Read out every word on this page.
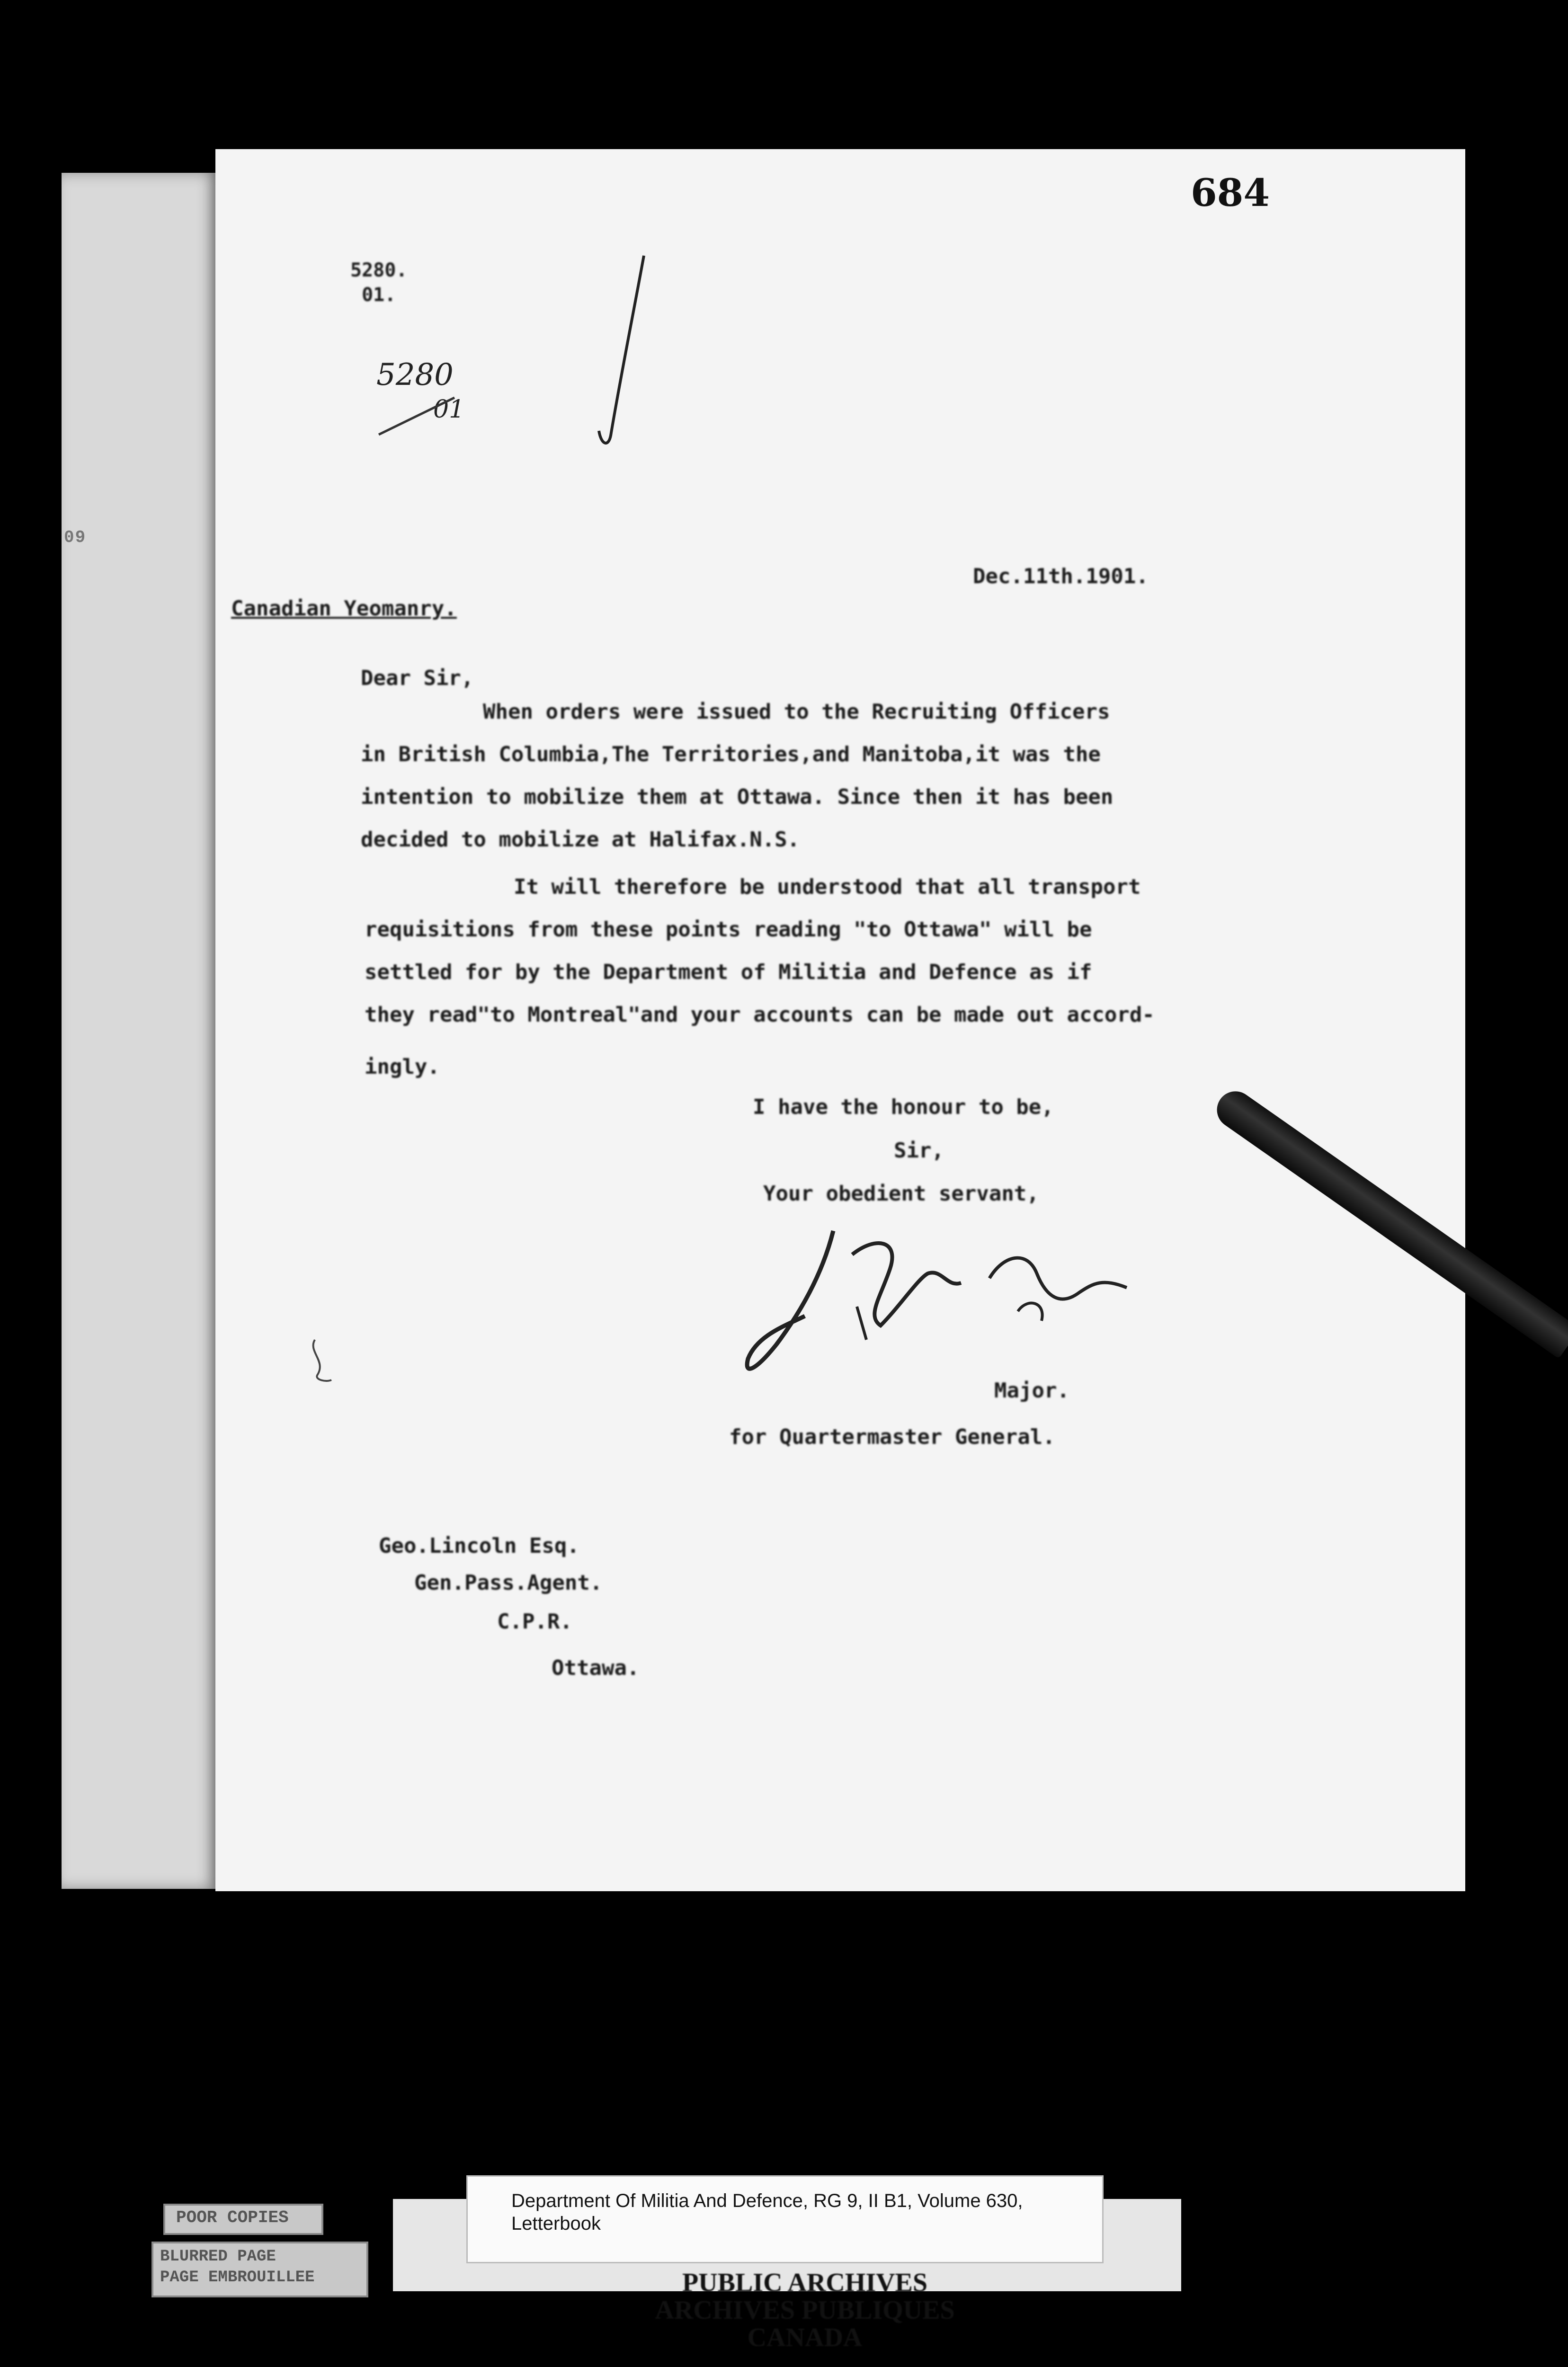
09
684
5280.
01.
5280
01
Dec.11th.1901.
Canadian Yeomanry.
Dear Sir,
When orders were issued to the Recruiting Officers
in British Columbia,The Territories,and Manitoba,it was the
intention to mobilize them at Ottawa. Since then it has been
decided to mobilize at Halifax.N.S.
It will therefore be understood that all transport
requisitions from these points reading "to Ottawa" will be
settled for by the Department of Militia and Defence as if
they read"to Montreal"and your accounts can be made out accord-
ingly.
I have the honour to be,
Sir,
Your obedient servant,
Major.
for Quartermaster General.
Geo.Lincoln Esq.
Gen.Pass.Agent.
C.P.R.
Ottawa.
POOR COPIES
BLURRED PAGE
PAGE EMBROUILLEE
Department Of Militia And Defence, RG 9, II B1, Volume 630, Letterbook
PUBLIC ARCHIVES
ARCHIVES PUBLIQUES
CANADA
